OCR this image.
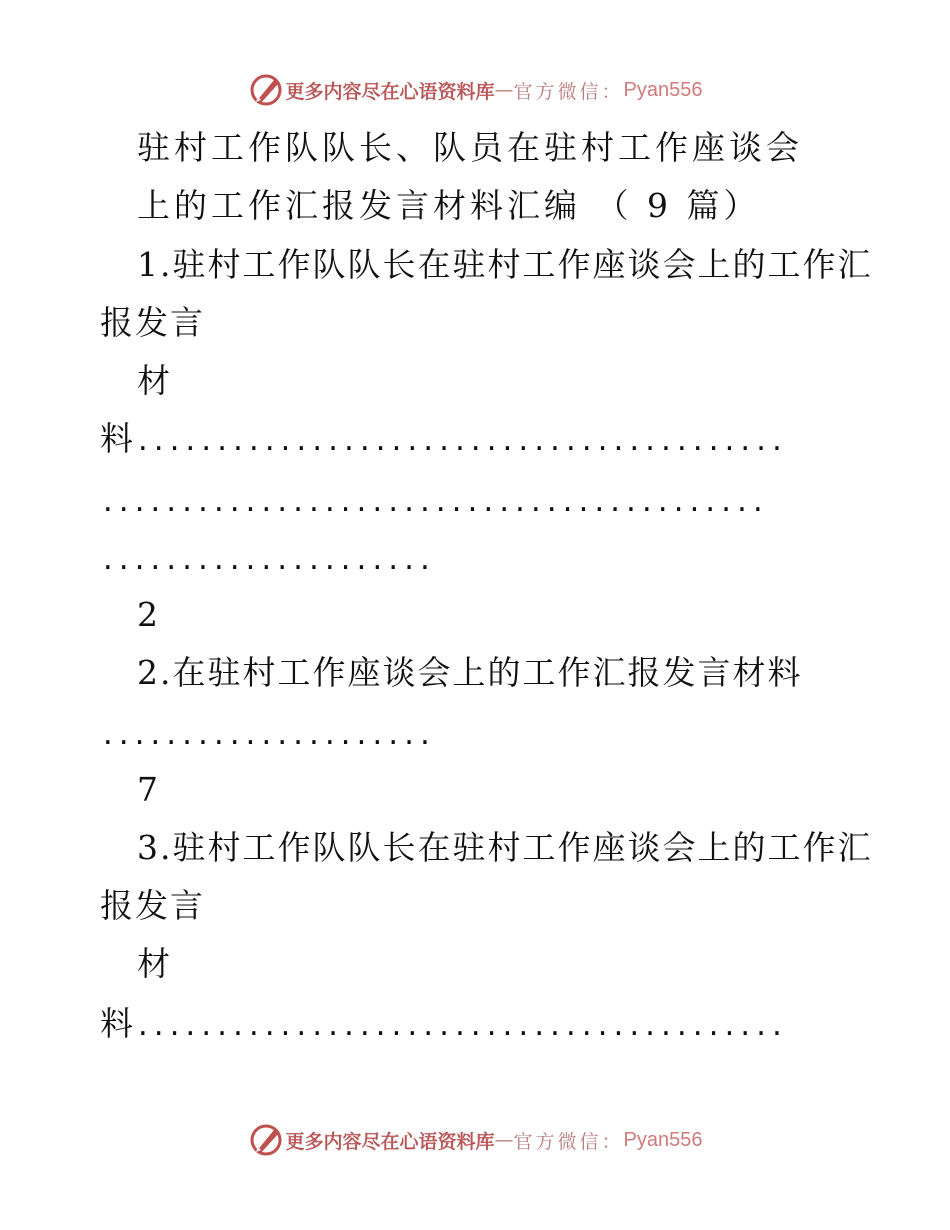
更多内容尽在心语资料库 — 官方微信： Pyan556
驻村工作队队长、队员在驻村工作座谈会
上的工作汇报发言材料汇编 （ 9 篇）
1.驻村工作队队长在驻村工作座谈会上的工作汇
报发言
材
料.........................................
..........................................
.....................
2
2.在驻村工作座谈会上的工作汇报发言材料
.....................
7
3.驻村工作队队长在驻村工作座谈会上的工作汇
报发言
材
料.........................................
更多内容尽在心语资料库 — 官方微信： Pyan556
